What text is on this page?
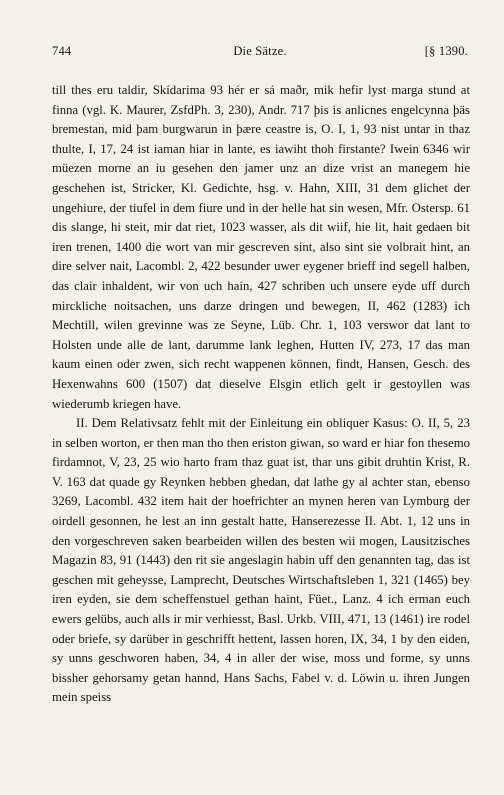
744	Die Sätze.	[§ 1390.

till thes eru taldir, Skídarima 93 hér er sá maðr, mik hefir lyst marga stund at finna (vgl. K. Maurer, ZsfdPh. 3, 230), Andr. 717 þis is anlicnes engelcynna þäs bremestan, mid þam burgwarun in þære ceastre is, O. I, 1, 93 nist untar in thaz thulte, I, 17, 24 ist iaman hiar in lante, es iawiht thoh firstante? Iwein 6346 wir müezen morne an iu gesehen den jamer unz an dize vrist an manegem hie geschehen ist, Stricker, Kl. Gedichte, hsg. v. Hahn, XIII, 31 dem glichet der ungehiure, der tiufel in dem fiure und in der helle hat sin wesen, Mfr. Ostersp. 61 dis slange, hi steit, mir dat riet, 1023 wasser, als dit wiif, hie lit, hait gedaen bit iren trenen, 1400 die wort van mir gescreven sint, also sint sie volbrait hint, an dire selver nait, Lacombl. 2, 422 besunder uwer eygener brieff ind segell halben, das clair inhaldent, wir von uch hain, 427 schriben uch unsere eyde uff durch mirckliche noitsachen, uns darze dringen und bewegen, II, 462 (1283) ich Mechtill, wilen grevinne was ze Seyne, Lüb. Chr. 1, 103 verswor dat lant to Holsten unde alle de lant, darumme lank leghen, Hutten IV, 273, 17 das man kaum einen oder zwen, sich recht wappenen können, findt, Hansen, Gesch. des Hexenwahns 600 (1507) dat dieselve Elsgin etlich gelt ir gestoyllen was wiederumb kriegen have.

II. Dem Relativsatz fehlt mit der Einleitung ein obliquer Kasus: O. II, 5, 23 in selben worton, er then man tho then eriston giwan, so ward er hiar fon thesemo firdamnot, V, 23, 25 wio harto fram thaz guat ist, thar uns gibit druhtin Krist, R. V. 163 dat quade gy Reynken hebben ghedan, dat lathe gy al achter stan, ebenso 3269, Lacombl. 432 item hait der hoefrichter an mynen heren van Lymburg der oirdell gesonnen, he lest an inn gestalt hatte, Hanserezesse II. Abt. 1, 12 uns in den vorgeschreven saken bearbeiden willen des besten wii mogen, Lausitzisches Magazin 83, 91 (1443) den rit sie angeslagin habin uff den genannten tag, das ist geschen mit geheysse, Lamprecht, Deutsches Wirtschaftsleben 1, 321 (1465) bey iren eyden, sie dem scheffenstuel gethan haint, Füet., Lanz. 4 ich erman euch ewers gelübs, auch alls ir mir verhiesst, Basl. Urkb. VIII, 471, 13 (1461) ire rodel oder briefe, sy darüber in geschrifft hettent, lassen horen, IX, 34, 1 by den eiden, sy unns geschworen haben, 34, 4 in aller der wise, moss und forme, sy unns bissher gehorsamy getan hannd, Hans Sachs, Fabel v. d. Löwin u. ihren Jungen mein speiss
